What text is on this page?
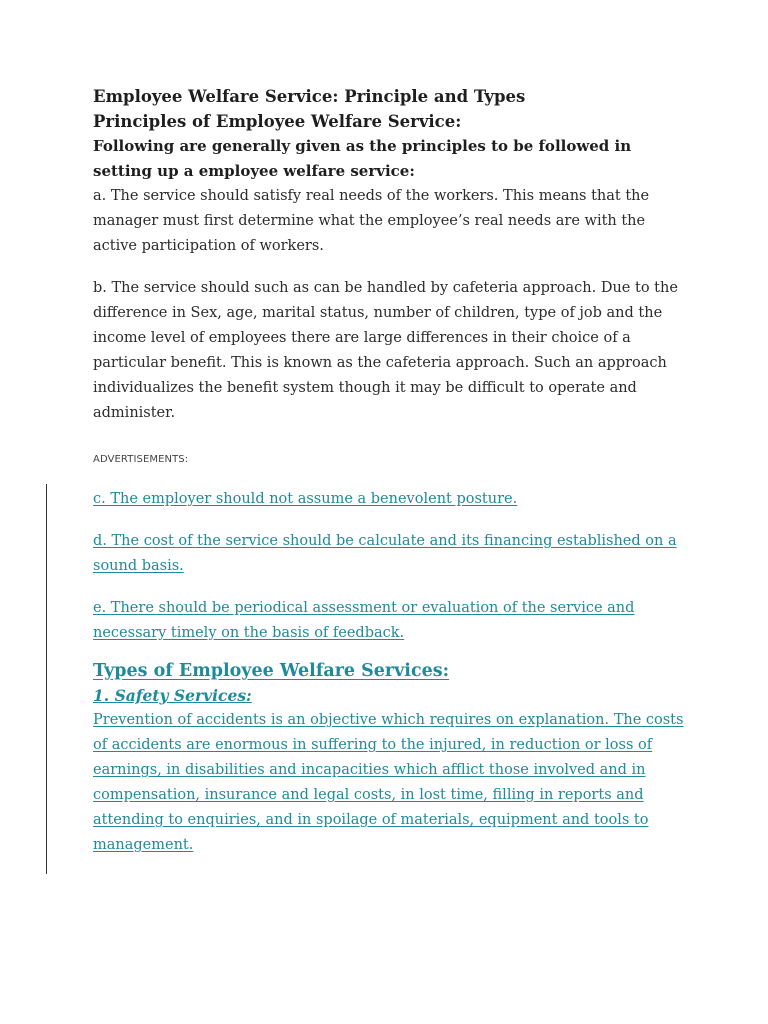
Employee Welfare Service: Principle and Types

Principles of Employee Welfare Service:

Following are generally given as the principles to be followed in setting up a employee welfare service:

a. The service should satisfy real needs of the workers. This means that the manager must first determine what the employee’s real needs are with the active participation of workers.

b. The service should such as can be handled by cafeteria approach. Due to the difference in Sex, age, marital status, number of children, type of job and the income level of employees there are large differences in their choice of a particular benefit. This is known as the cafeteria approach. Such an approach individualizes the benefit system though it may be difficult to operate and administer.

ADVERTISEMENTS:

c. The employer should not assume a benevolent posture.

d. The cost of the service should be calculate and its financing established on a sound basis.

e. There should be periodical assessment or evaluation of the service and necessary timely on the basis of feedback.

Types of Employee Welfare Services:

1. Safety Services:

Prevention of accidents is an objective which requires on explanation. The costs of accidents are enormous in suffering to the injured, in reduction or loss of earnings, in disabilities and incapacities which afflict those involved and in compensation, insurance and legal costs, in lost time, filling in reports and attending to enquiries, and in spoilage of materials, equipment and tools to management.
